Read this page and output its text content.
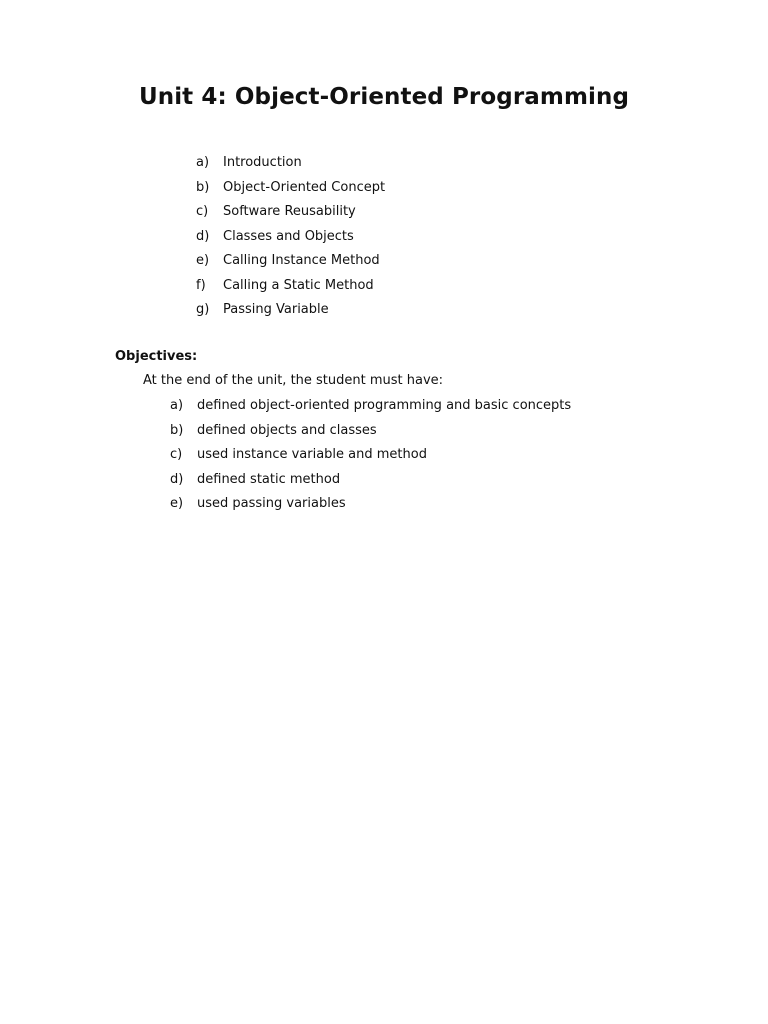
Unit 4: Object-Oriented Programming
a)	Introduction
b)	Object-Oriented Concept
c)	Software Reusability
d)	Classes and Objects
e)	Calling Instance Method
f)	Calling a Static Method
g)	Passing Variable
Objectives:
At the end of the unit, the student must have:
a)	defined object-oriented programming and basic concepts
b)	defined objects and classes
c)	used instance variable and method
d)	defined static method
e)	used passing variables
